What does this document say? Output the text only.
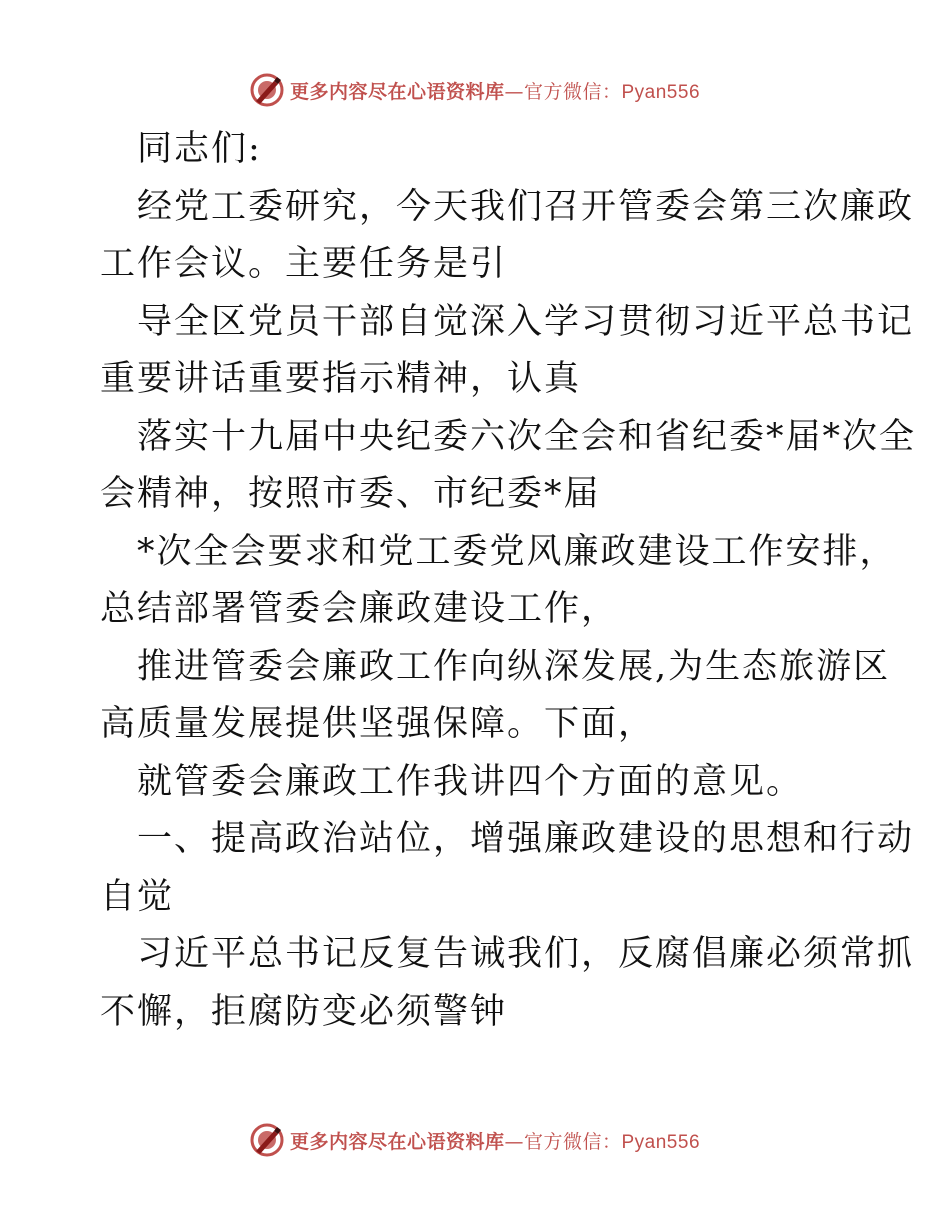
更多内容尽在心语资料库—官方微信：Pyan556
同志们:
经党工委研究，今天我们召开管委会第三次廉政
工作会议。主要任务是引
导全区党员干部自觉深入学习贯彻习近平总书记
重要讲话重要指示精神，认真
落实十九届中央纪委六次全会和省纪委*届*次全
会精神，按照市委、市纪委*届
*次全会要求和党工委党风廉政建设工作安排，
总结部署管委会廉政建设工作，
推进管委会廉政工作向纵深发展,为生态旅游区
高质量发展提供坚强保障。下面，
就管委会廉政工作我讲四个方面的意见。
一、提高政治站位，增强廉政建设的思想和行动
自觉
习近平总书记反复告诫我们，反腐倡廉必须常抓
不懈，拒腐防变必须警钟
更多内容尽在心语资料库—官方微信：Pyan556
